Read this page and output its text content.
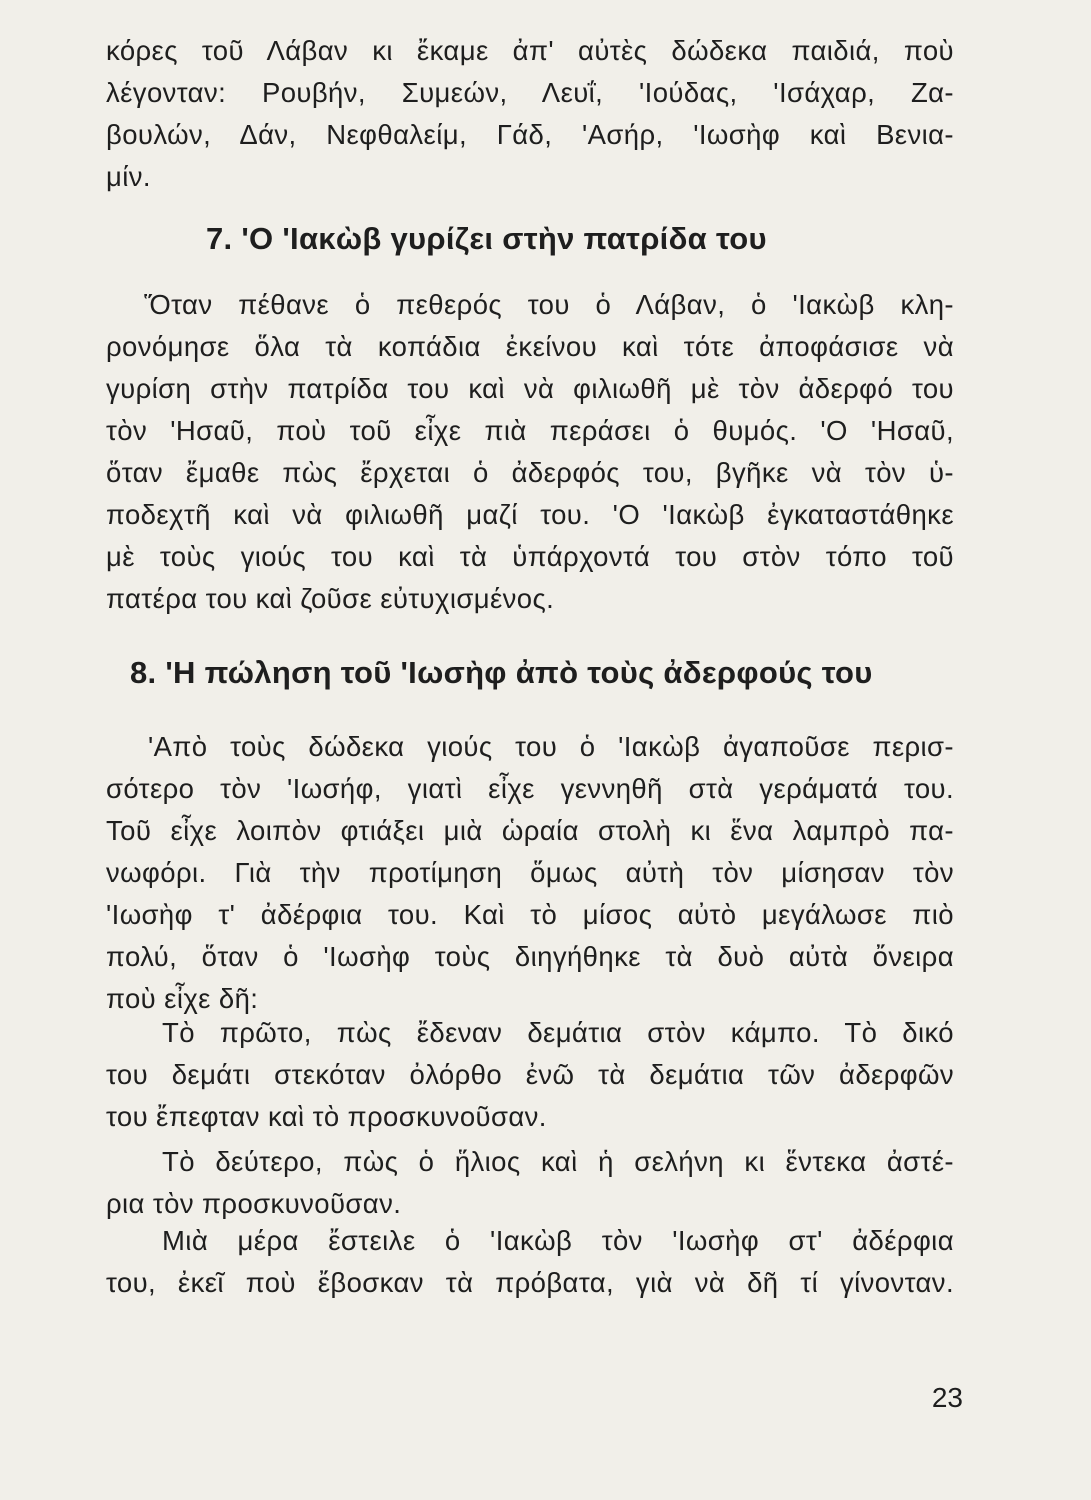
κόρες τοῦ Λάβαν κι ἔκαμε ἀπ' αὐτὲς δώδεκα παιδιά, ποὺ
λέγονταν: Ρουβήν, Συμεών, Λευΐ, 'Ιούδας, 'Ισάχαρ, Ζα-
βουλών, Δάν, Νεφθαλείμ, Γάδ, 'Ασήρ, 'Ιωσὴφ καὶ Βενια-
μίν.
7. 'Ο 'Ιακὼβ γυρίζει στὴν πατρίδα του
Ὅταν πέθανε ὁ πεθερός του ὁ Λάβαν, ὁ 'Ιακὼβ κλη-
ρονόμησε ὅλα τὰ κοπάδια ἐκείνου καὶ τότε ἀποφάσισε νὰ
γυρίση στὴν πατρίδα του καὶ νὰ φιλιωθῆ μὲ τὸν ἀδερφό του
τὸν 'Ησαῦ, ποὺ τοῦ εἶχε πιὰ περάσει ὁ θυμός. 'Ο 'Ησαῦ,
ὅταν ἔμαθε πὼς ἔρχεται ὁ ἀδερφός του, βγῆκε νὰ τὸν ὑ-
ποδεχτῆ καὶ νὰ φιλιωθῆ μαζί του. 'Ο 'Ιακὼβ ἐγκαταστάθηκε
μὲ τοὺς γιούς του καὶ τὰ ὑπάρχοντά του στὸν τόπο τοῦ
πατέρα του καὶ ζοῦσε εὐτυχισμένος.
8. 'Η πώληση τοῦ 'Ιωσὴφ ἀπὸ τοὺς ἀδερφούς του
'Απὸ τοὺς δώδεκα γιούς του ὁ 'Ιακὼβ ἀγαποῦσε περισ-
σότερο τὸν 'Ιωσήφ, γιατὶ εἶχε γεννηθῆ στὰ γεράματά του.
Τοῦ εἶχε λοιπὸν φτιάξει μιὰ ὡραία στολὴ κι ἕνα λαμπρὸ πα-
νωφόρι. Γιὰ τὴν προτίμηση ὅμως αὐτὴ τὸν μίσησαν τὸν
'Ιωσὴφ τ' ἀδέρφια του. Καὶ τὸ μίσος αὐτὸ μεγάλωσε πιὸ
πολύ, ὅταν ὁ 'Ιωσὴφ τοὺς διηγήθηκε τὰ δυὸ αὐτὰ ὄνειρα
ποὺ εἶχε δῆ:
Τὸ πρῶτο, πὼς ἔδεναν δεμάτια στὸν κάμπο. Τὸ δικό
του δεμάτι στεκόταν ὀλόρθο ἐνῶ τὰ δεμάτια τῶν ἀδερφῶν
του ἔπεφταν καὶ τὸ προσκυνοῦσαν.
Τὸ δεύτερο, πὼς ὁ ἥλιος καὶ ἡ σελήνη κι ἕντεκα ἀστέ-
ρια τὸν προσκυνοῦσαν.
Μιὰ μέρα ἔστειλε ὁ 'Ιακὼβ τὸν 'Ιωσὴφ στ' ἀδέρφια
του, ἐκεῖ ποὺ ἔβοσκαν τὰ πρόβατα, γιὰ νὰ δῆ τί γίνονταν.
23
